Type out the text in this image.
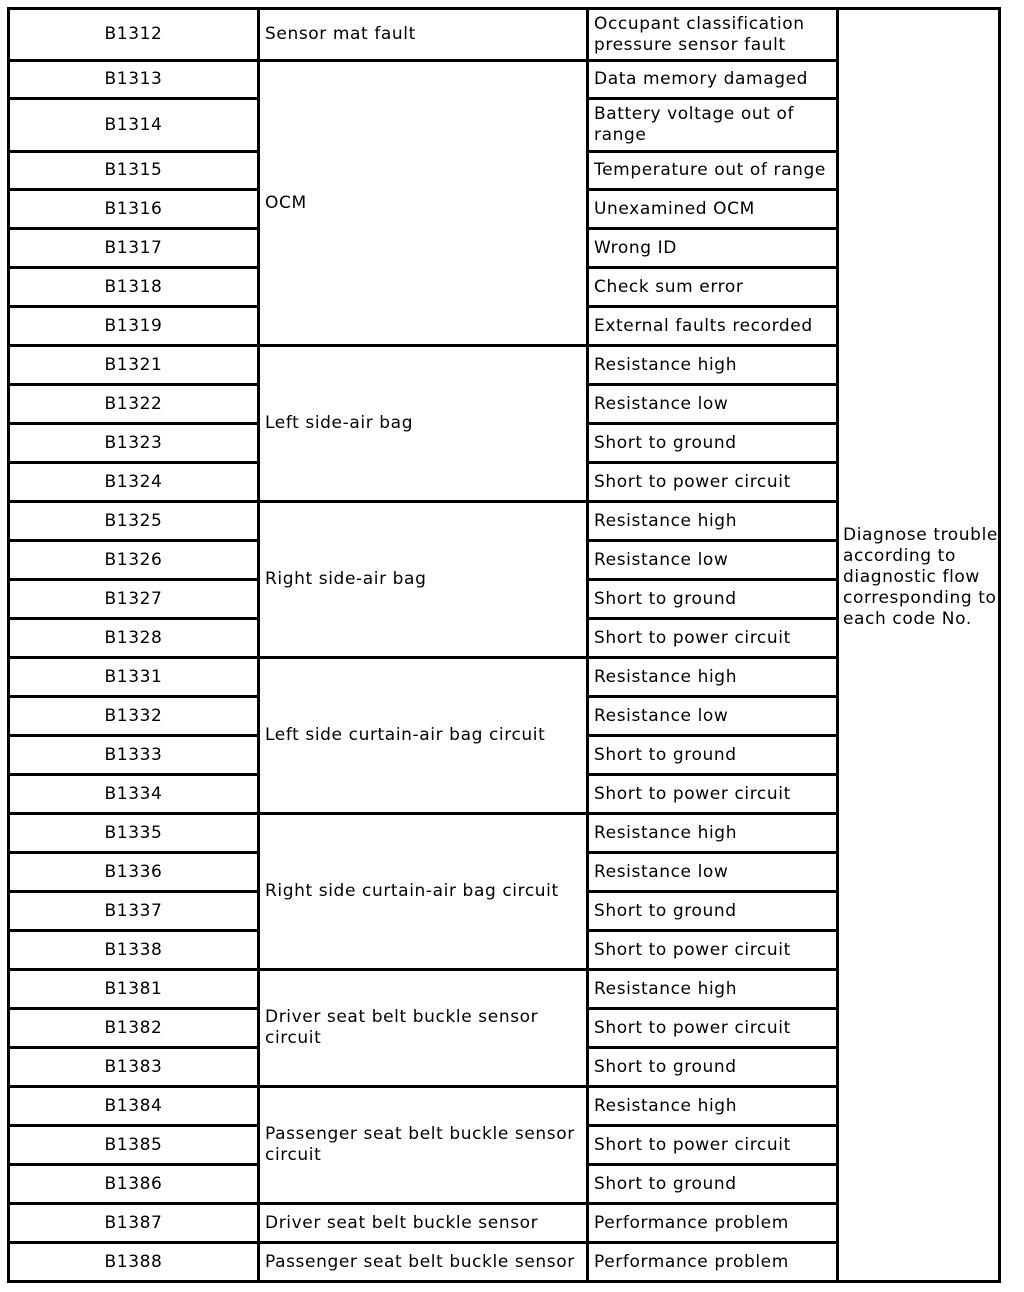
B1312	Sensor mat fault	Occupant classification pressure sensor fault	Diagnose trouble according to diagnostic flow corresponding to each code No.

B1313	OCM	Data memory damaged	
B1314		Battery voltage out of range	
B1315		Temperature out of range	
B1316		Unexamined OCM	
B1317		Wrong ID	
B1318		Check sum error	
B1319		External faults recorded	
B1321	Left side-air bag	Resistance high	
B1322		Resistance low	
B1323		Short to ground	
B1324		Short to power circuit	
B1325	Right side-air bag	Resistance high	
B1326		Resistance low	
B1327		Short to ground	
B1328		Short to power circuit	
B1331	Left side curtain-air bag circuit	Resistance high	
B1332		Resistance low	
B1333		Short to ground	
B1334		Short to power circuit	
B1335	Right side curtain-air bag circuit	Resistance high	
B1336		Resistance low	
B1337		Short to ground	
B1338		Short to power circuit	
B1381	Driver seat belt buckle sensor circuit	Resistance high	
B1382		Short to power circuit	
B1383		Short to ground	
B1384	Passenger seat belt buckle sensor circuit	Resistance high	
B1385		Short to power circuit	
B1386		Short to ground	
B1387	Driver seat belt buckle sensor	Performance problem	
B1388	Passenger seat belt buckle sensor	Performance problem	
